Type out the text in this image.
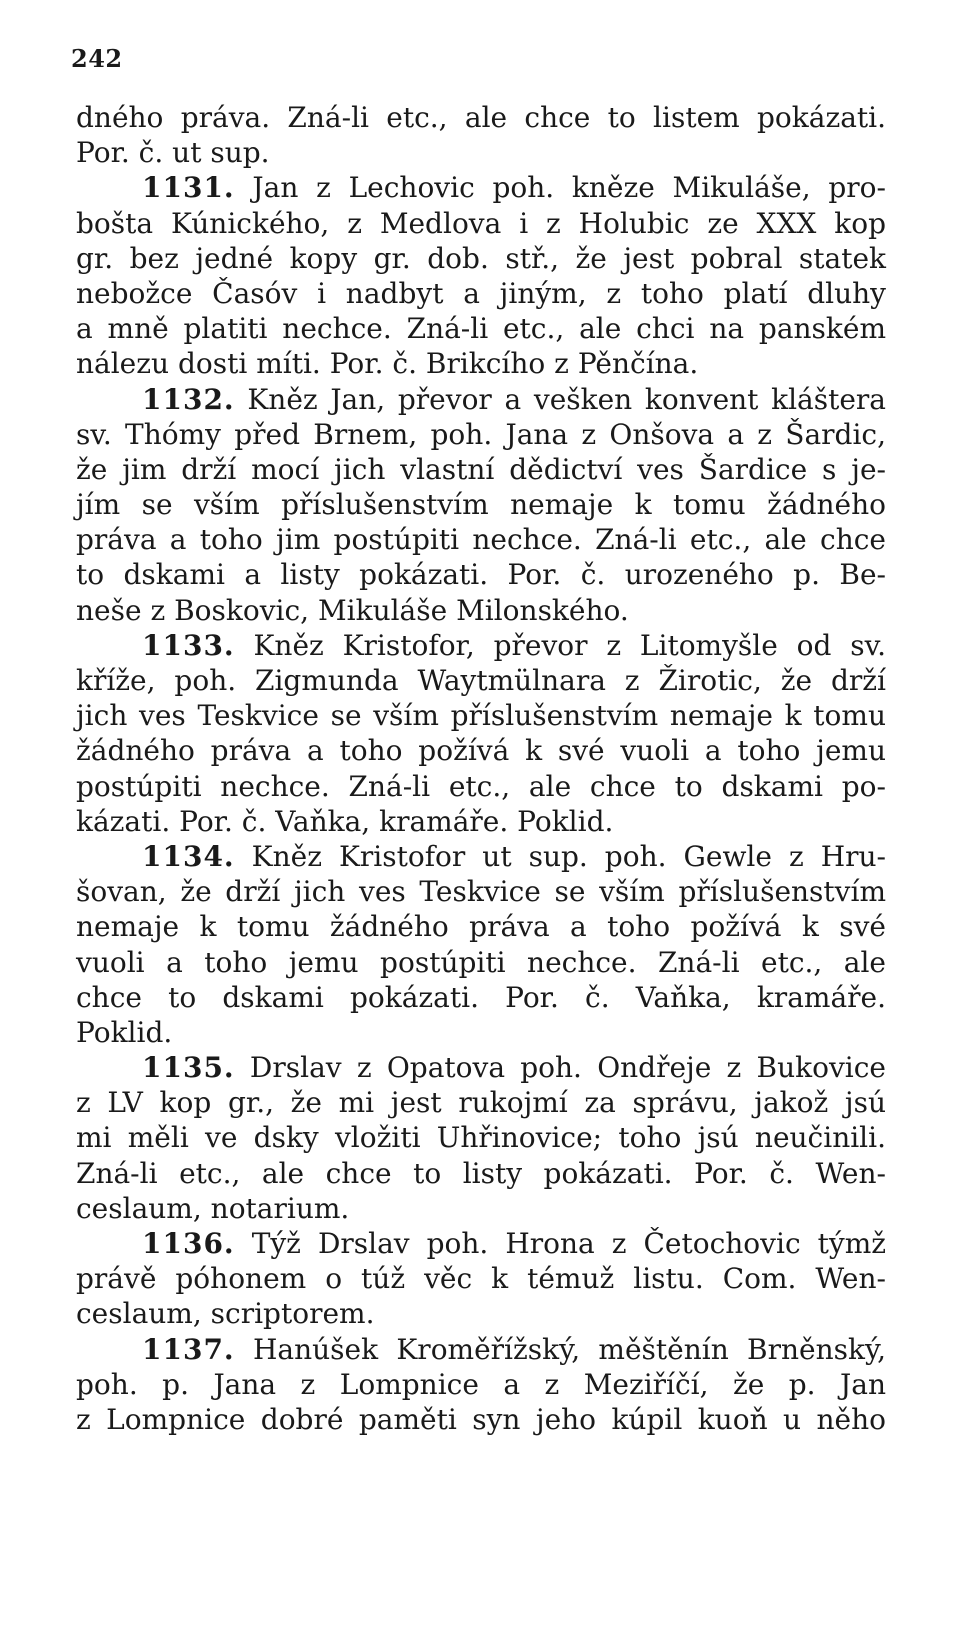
242
dného práva. Zná-li etc., ale chce to listem pokázati.
Por. č. ut sup.
1131. Jan z Lechovic poh. kněze Mikuláše, pro-
bošta Kúnického, z Medlova i z Holubic ze XXX kop
gr. bez jedné kopy gr. dob. stř., že jest pobral statek
nebožce Časóv i nadbyt a jiným, z toho platí dluhy
a mně platiti nechce. Zná-li etc., ale chci na panském
nálezu dosti míti. Por. č. Brikcího z Pěnčína.
1132. Kněz Jan, převor a vešken konvent kláštera
sv. Thómy před Brnem, poh. Jana z Onšova a z Šardic,
že jim drží mocí jich vlastní dědictví ves Šardice s je-
jím se vším příslušenstvím nemaje k tomu žádného
práva a toho jim postúpiti nechce. Zná-li etc., ale chce
to dskami a listy pokázati. Por. č. urozeného p. Be-
neše z Boskovic, Mikuláše Milonského.
1133. Kněz Kristofor, převor z Litomyšle od sv.
kříže, poh. Zigmunda Waytmülnara z Žirotic, že drží
jich ves Teskvice se vším příslušenstvím nemaje k tomu
žádného práva a toho požívá k své vuoli a toho jemu
postúpiti nechce. Zná-li etc., ale chce to dskami po-
kázati. Por. č. Vaňka, kramáře. Poklid.
1134. Kněz Kristofor ut sup. poh. Gewle z Hru-
šovan, že drží jich ves Teskvice se vším příslušenstvím
nemaje k tomu žádného práva a toho požívá k své
vuoli a toho jemu postúpiti nechce. Zná-li etc., ale
chce to dskami pokázati. Por. č. Vaňka, kramáře.
Poklid.
1135. Drslav z Opatova poh. Ondřeje z Bukovice
z LV kop gr., že mi jest rukojmí za správu, jakož jsú
mi měli ve dsky vložiti Uhřinovice; toho jsú neučinili.
Zná-li etc., ale chce to listy pokázati. Por. č. Wen-
ceslaum, notarium.
1136. Týž Drslav poh. Hrona z Četochovic týmž
právě póhonem o túž věc k témuž listu. Com. Wen-
ceslaum, scriptorem.
1137. Hanúšek Kroměřížský, měštěnín Brněnský,
poh. p. Jana z Lompnice a z Meziříčí, že p. Jan
z Lompnice dobré paměti syn jeho kúpil kuoň u něho
